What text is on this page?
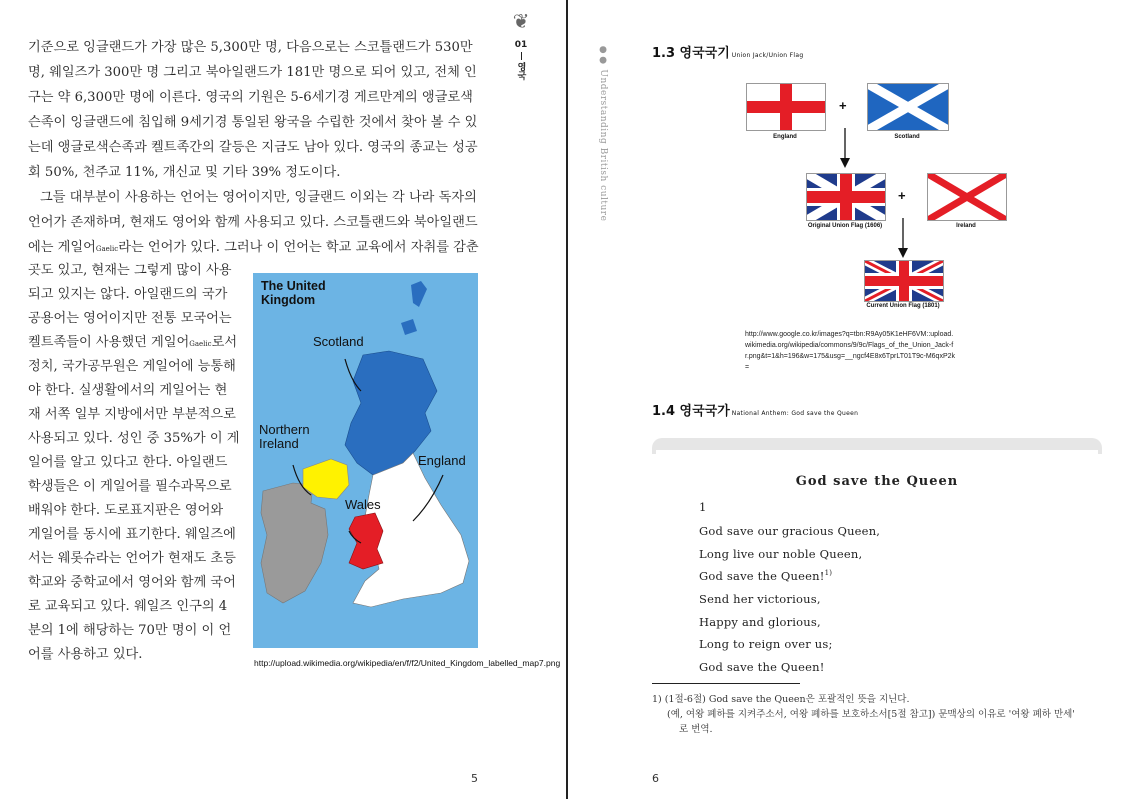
기준으로 잉글랜드가 가장 많은 5,300만 명, 다음으로는 스코틀랜드가 530만
명, 웨일즈가 300만 명 그리고 북아일랜드가 181만 명으로 되어 있고, 전체 인
구는 약 6,300만 명에 이른다. 영국의 기원은 5-6세기경 게르만계의 앵글로색
슨족이 잉글랜드에 침입해 9세기경 통일된 왕국을 수립한 것에서 찾아 볼 수 있
는데 앵글로색슨족과 켈트족간의 갈등은 지금도 남아 있다. 영국의 종교는 성공
회 50%, 천주교 11%, 개신교 및 기타 39% 정도이다.
그들 대부분이 사용하는 언어는 영어이지만, 잉글랜드 이외는 각 나라 독자의
언어가 존재하며, 현재도 영어와 함께 사용되고 있다. 스코틀랜드와 북아일랜드
에는 게일어Gaelic라는 언어가 있다. 그러나 이 언어는 학교 교육에서 자취를 감춘
곳도 있고, 현재는 그렇게 많이 사용
되고 있지는 않다. 아일랜드의 국가
공용어는 영어이지만 전통 모국어는
켈트족들이 사용했던 게일어Gaelic로서
정치, 국가공무원은 게일어에 능통해
야 한다. 실생활에서의 게일어는 현
재 서쪽 일부 지방에서만 부분적으로
사용되고 있다. 성인 중 35%가 이 게
일어를 알고 있다고 한다. 아일랜드
학생들은 이 게일어를 필수과목으로
배워야 한다. 도로표지판은 영어와
게일어를 동시에 표기한다. 웨일즈에
서는 웨롯슈라는 언어가 현재도 초등
학교와 중학교에서 영어와 함께 국어
로 교육되고 있다. 웨일즈 인구의 4
분의 1에 해당하는 70만 명이 이 언
어를 사용하고 있다.
❦
01
영국
The United Kingdom
Scotland
Northern Ireland
England
Wales
http://upload.wikimedia.org/wikipedia/en/f/f2/United_Kingdom_labelled_map7.png
5
●● Understanding British culture	1.3 영국국기 Union Jack/Union Flag
England
+
Scotland
Original Union Flag (1606)
+
Ireland
Current Union Flag (1801)
http://www.google.co.kr/images?q=tbn:R9Ay05K1eHF6VM::upload.wikimedia.org/wikipedia/commons/9/9c/Flags_of_the_Union_Jack-fr.png&t=1&h=196&w=175&usg=__ngcf4E8x6TprLT01T9c-M6qxP2k=
1.4 영국국가 National Anthem: God save the Queen
God save the Queen
1
God save our gracious Queen,
Long live our noble Queen,
God save the Queen!$^{1)}$
Send her victorious,
Happy and glorious,
Long to reign over us;
God save the Queen!
1) (1절-6절) God save the Queen은 포괄적인 뜻을 지닌다.
(예, 여왕 폐하를 지켜주소서, 여왕 폐하를 보호하소서[5절 참고]) 문맥상의 이유로 '여왕 폐하 만세'
로 번역.
6
